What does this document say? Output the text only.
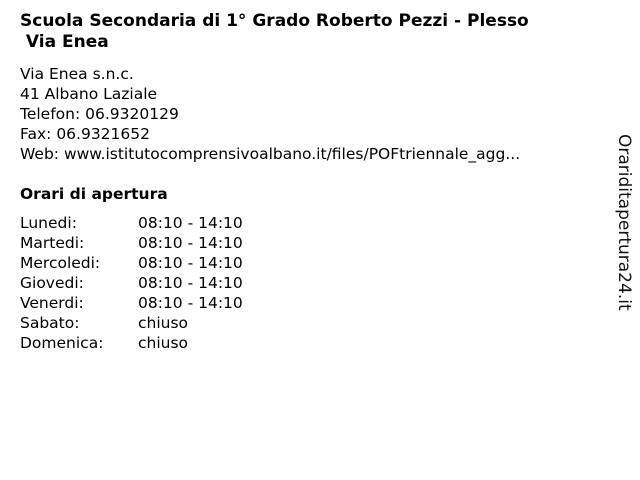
Scuola Secondaria di 1° Grado Roberto Pezzi - Plesso
Via Enea
Via Enea s.n.c.
41 Albano Laziale
Telefon: 06.9320129
Fax: 06.9321652
Web: www.istitutocomprensivoalbano.it/files/POFtriennale_agg...
Orari di apertura
Lunedi:	08:10 - 14:10
Martedi:	08:10 - 14:10
Mercoledi:	08:10 - 14:10
Giovedi:	08:10 - 14:10
Venerdi:	08:10 - 14:10
Sabato:	chiuso
Domenica:	chiuso
Orariditapertura24.it
